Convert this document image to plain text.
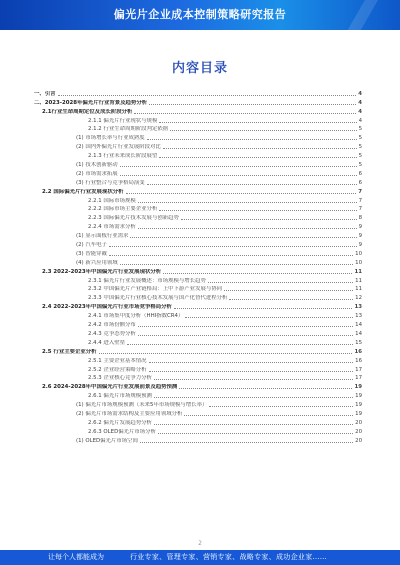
偏光片企业成本控制策略研究报告
内容目录
一、引言	4
二、2023-2028年偏光片行业背景及趋势分析	4
2.1行业生命周期定位及成长阶段分析	4
2.1.1 偏光片行业现状与规模	4
2.1.2 行业生命周期阶段判定依据	5
(1) 市场增长率与行业成熟度	5
(2) 国内外偏光片行业发展阶段对比	5
2.1.3 行业未来成长阶段展望	5
(1) 技术创新驱动	5
(2) 市场需求拓展	6
(3) 行业整合与竞争格局演变	6
2.2 国际偏光片行业发展现状分析	7
2.2.1 国际市场规模	7
2.2.2 国际市场主要企业分析	7
2.2.3 国际偏光片技术发展与创新趋势	8
2.2.4 市场需求分析	9
(1) 显示面板行业需求	9
(2) 汽车电子	9
(3) 智能穿戴	10
(4) 新兴应用领域	10
2.3 2022-2023年中国偏光片行业发展现状分析	11
2.3.1 偏光片行业发展概述：市场规模与增长趋势	11
2.3.2 中国偏光片产业链格局：上中下游产业发展与协同	11
2.3.3 中国偏光片行业核心技术发展与国产化替代进程分析	12
2.4 2022-2023年中国偏光片行业市场竞争格局分析	13
2.4.1 市场集中度分析（HHI指数CR4）	13
2.4.2 市场份额分布	14
2.4.3 竞争态势分析	14
2.4.4 进入壁垒	15
2.5 行业主要企业分析	16
2.5.1 主要企业基本情况	16
2.5.2 企业经营策略分析	17
2.5.3 企业核心竞争力分析	17
2.6 2024-2028年中国偏光片行业发展前景及趋势预测	19
2.6.1 偏光片市场规模预测	19
(1) 偏光片市场规模预测（未来5年市场规模与增长率）	19
(2) 偏光片市场需求结构及主要应用领域分析	19
2.6.2 偏光片发展趋势分析	20
2.6.3 OLED偏光片市场分析	20
(1) OLED偏光片市场空间	20
2
让每个人都能成为	行业专家、管理专家、营销专家、战略专家、成功企业家……
